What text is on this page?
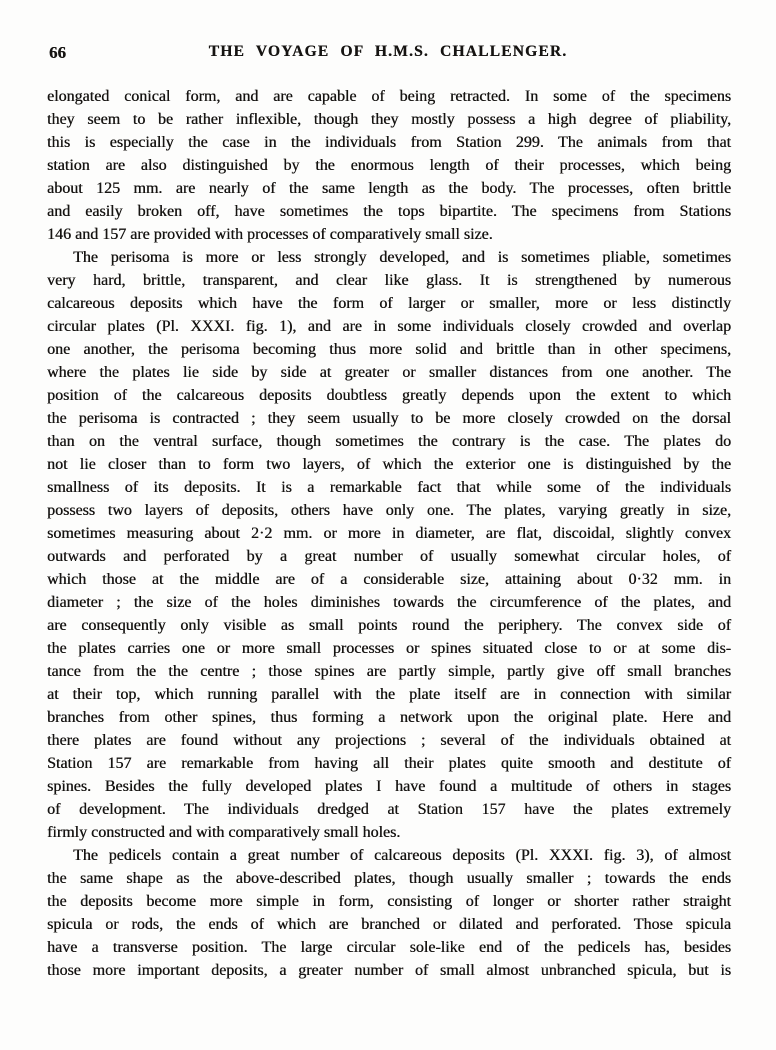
66	THE VOYAGE OF H.M.S. CHALLENGER.
elongated conical form, and are capable of being retracted. In some of the specimens
they seem to be rather inflexible, though they mostly possess a high degree of pliability,
this is especially the case in the individuals from Station 299. The animals from that
station are also distinguished by the enormous length of their processes, which being
about 125 mm. are nearly of the same length as the body. The processes, often brittle
and easily broken off, have sometimes the tops bipartite. The specimens from Stations
146 and 157 are provided with processes of comparatively small size.
The perisoma is more or less strongly developed, and is sometimes pliable, sometimes
very hard, brittle, transparent, and clear like glass. It is strengthened by numerous
calcareous deposits which have the form of larger or smaller, more or less distinctly
circular plates (Pl. XXXI. fig. 1), and are in some individuals closely crowded and overlap
one another, the perisoma becoming thus more solid and brittle than in other specimens,
where the plates lie side by side at greater or smaller distances from one another. The
position of the calcareous deposits doubtless greatly depends upon the extent to which
the perisoma is contracted ; they seem usually to be more closely crowded on the dorsal
than on the ventral surface, though sometimes the contrary is the case. The plates do
not lie closer than to form two layers, of which the exterior one is distinguished by the
smallness of its deposits. It is a remarkable fact that while some of the individuals
possess two layers of deposits, others have only one. The plates, varying greatly in size,
sometimes measuring about 2·2 mm. or more in diameter, are flat, discoidal, slightly convex
outwards and perforated by a great number of usually somewhat circular holes, of
which those at the middle are of a considerable size, attaining about 0·32 mm. in
diameter ; the size of the holes diminishes towards the circumference of the plates, and
are consequently only visible as small points round the periphery. The convex side of
the plates carries one or more small processes or spines situated close to or at some dis-
tance from the the centre ; those spines are partly simple, partly give off small branches
at their top, which running parallel with the plate itself are in connection with similar
branches from other spines, thus forming a network upon the original plate. Here and
there plates are found without any projections ; several of the individuals obtained at
Station 157 are remarkable from having all their plates quite smooth and destitute of
spines. Besides the fully developed plates I have found a multitude of others in stages
of development. The individuals dredged at Station 157 have the plates extremely
firmly constructed and with comparatively small holes.
The pedicels contain a great number of calcareous deposits (Pl. XXXI. fig. 3), of almost
the same shape as the above-described plates, though usually smaller ; towards the ends
the deposits become more simple in form, consisting of longer or shorter rather straight
spicula or rods, the ends of which are branched or dilated and perforated. Those spicula
have a transverse position. The large circular sole-like end of the pedicels has, besides
those more important deposits, a greater number of small almost unbranched spicula, but is
